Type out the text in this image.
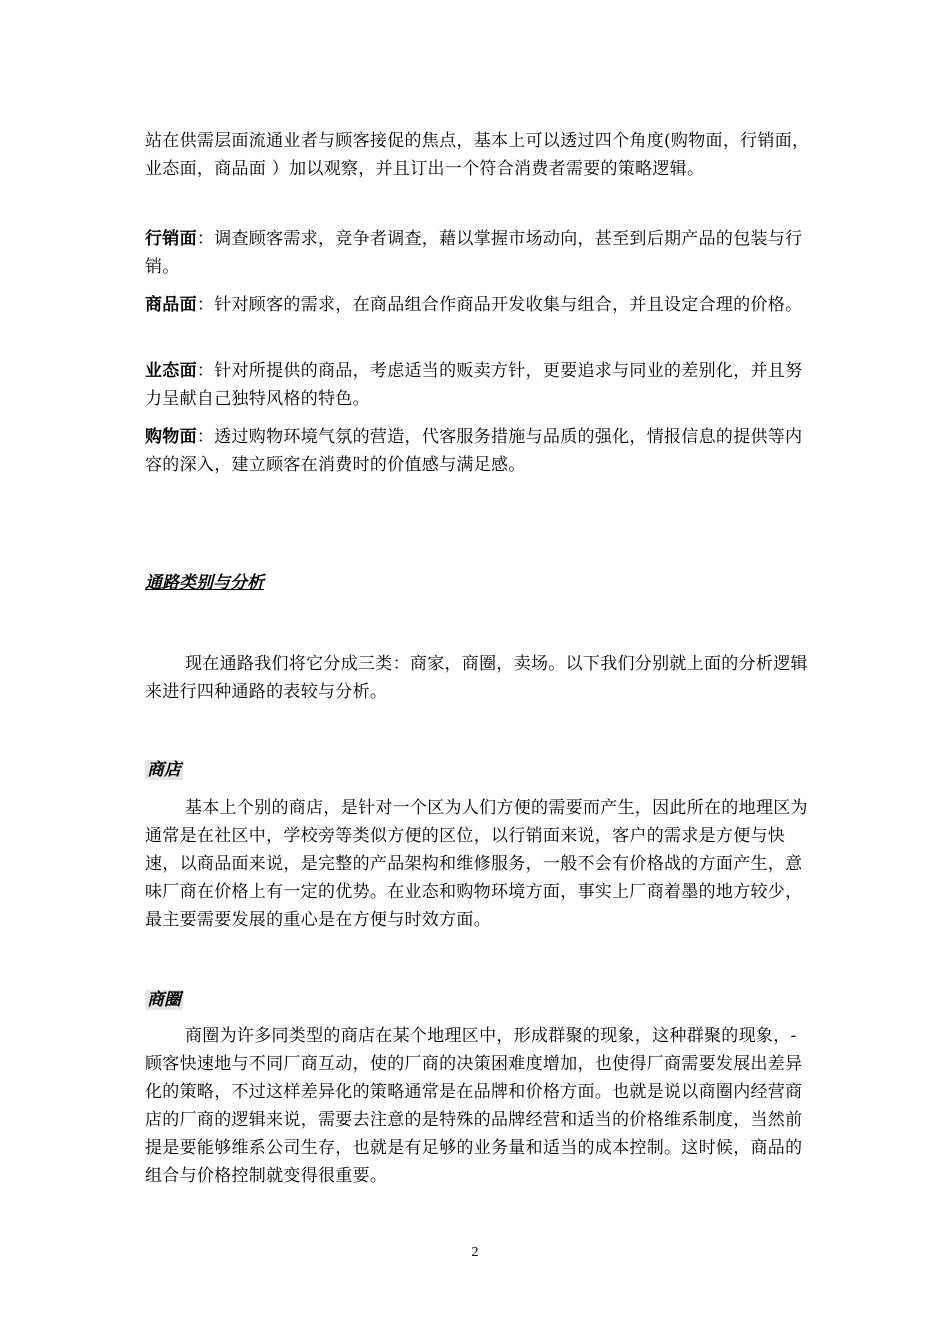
站在供需层面流通业者与顾客接促的焦点，基本上可以透过四个角度(购物面，行销面，业态面，商品面 ）加以观察，并且订出一个符合消费者需要的策略逻辑。

行销面：调查顾客需求，竞争者调查，藉以掌握市场动向，甚至到后期产品的包装与行销。

商品面：针对顾客的需求，在商品组合作商品开发收集与组合，并且设定合理的价格。

业态面：针对所提供的商品，考虑适当的贩卖方针，更要追求与同业的差别化，并且努力呈献自己独特风格的特色。

购物面：透过购物环境气氛的营造，代客服务措施与品质的强化，情报信息的提供等内容的深入，建立顾客在消费时的价值感与满足感。

通路类别与分析

现在通路我们将它分成三类：商家，商圈，卖场。以下我们分别就上面的分析逻辑来进行四种通路的表较与分析。

商店

基本上个别的商店，是针对一个区为人们方便的需要而产生，因此所在的地理区为通常是在社区中，学校旁等类似方便的区位，以行销面来说，客户的需求是方便与快速，以商品面来说，是完整的产品架构和维修服务，一般不会有价格战的方面产生，意味厂商在价格上有一定的优势。在业态和购物环境方面，事实上厂商着墨的地方较少，最主要需要发展的重心是在方便与时效方面。

商圈

商圈为许多同类型的商店在某个地理区中，形成群聚的现象，这种群聚的现象，-顾客快速地与不同厂商互动，使的厂商的决策困难度增加，也使得厂商需要发展出差异化的策略，不过这样差异化的策略通常是在品牌和价格方面。也就是说以商圈内经营商店的厂商的逻辑来说，需要去注意的是特殊的品牌经营和适当的价格维系制度，当然前提是要能够维系公司生存，也就是有足够的业务量和适当的成本控制。这时候，商品的组合与价格控制就变得很重要。

2
